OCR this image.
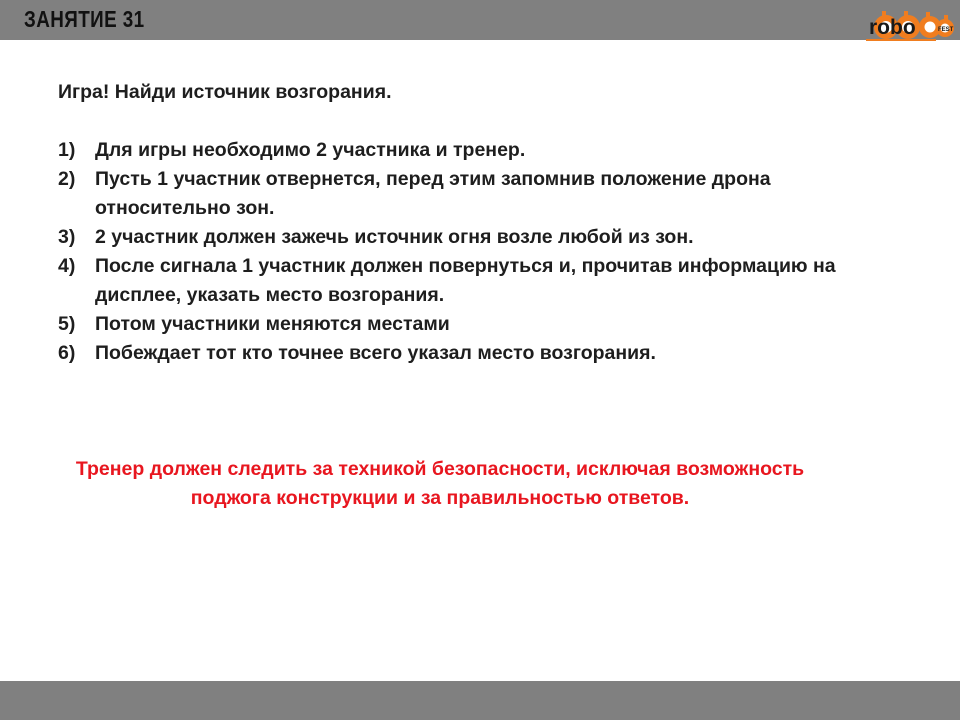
ЗАНЯТИЕ 31	robo	FEST

Игра! Найди источник возгорания.

1) Для игры необходимо 2 участника и тренер.
2) Пусть 1 участник отвернется, перед этим запомнив положение дрона относительно зон.
3) 2 участник должен зажечь источник огня возле любой из зон.
4) После сигнала 1 участник должен повернуться и, прочитав информацию на дисплее, указать место возгорания.
5) Потом участники меняются местами
6) Побеждает тот кто точнее всего указал место возгорания.
Тренер должен следить за техникой безопасности, исключая возможность поджога конструкции и за правильностью ответов.
